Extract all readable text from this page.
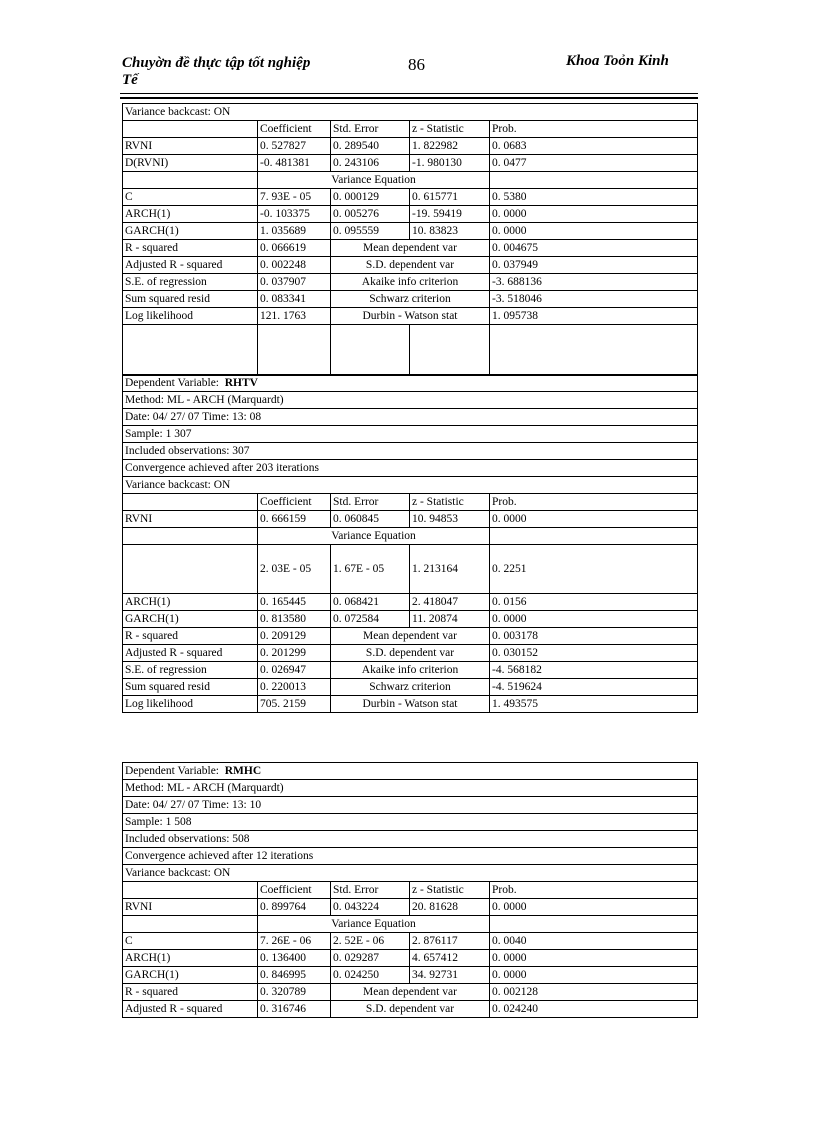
Chuyờn đề thực tập tốt nghiệp
Tế
86	Khoa Toỏn Kinh
Variance backcast: ON				
	Coefficient	Std. Error	z - Statistic	Prob.
RVNI	0. 527827	0. 289540	1. 822982	0. 0683
D(RVNI)	-0. 481381	0. 243106	-1. 980130	0. 0477
	Variance Equation			
C	7. 93E - 05	0. 000129	0. 615771	0. 5380
ARCH(1)	-0. 103375	0. 005276	-19. 59419	0. 0000
GARCH(1)	1. 035689	0. 095559	10. 83823	0. 0000
R - squared	0. 066619	Mean dependent var		0. 004675
Adjusted R - squared	0. 002248	S.D. dependent var		0. 037949
S.E. of regression	0. 037907	Akaike info criterion		-3. 688136
Sum squared resid	0. 083341	Schwarz criterion		-3. 518046
Log likelihood	121. 1763	Durbin - Watson stat		1. 095738

Dependent Variable: RHTV				
Method: ML - ARCH (Marquardt)				
Date: 04/ 27/ 07 Time: 13: 08				
Sample: 1 307				
Included observations: 307				
Convergence achieved after 203 iterations				
Variance backcast: ON				
	Coefficient	Std. Error	z - Statistic	Prob.
RVNI	0. 666159	0. 060845	10. 94853	0. 0000
	Variance Equation			
	2. 03E - 05	1. 67E - 05	1. 213164	0. 2251
ARCH(1)	0. 165445	0. 068421	2. 418047	0. 0156
GARCH(1)	0. 813580	0. 072584	11. 20874	0. 0000
R - squared	0. 209129	Mean dependent var		0. 003178
Adjusted R - squared	0. 201299	S.D. dependent var		0. 030152
S.E. of regression	0. 026947	Akaike info criterion		-4. 568182
Sum squared resid	0. 220013	Schwarz criterion		-4. 519624
Log likelihood	705. 2159	Durbin - Watson stat		1. 493575
Dependent Variable: RMHC				
Method: ML - ARCH (Marquardt)				
Date: 04/ 27/ 07 Time: 13: 10				
Sample: 1 508				
Included observations: 508				
Convergence achieved after 12 iterations				
Variance backcast: ON				
	Coefficient	Std. Error	z - Statistic	Prob.
RVNI	0. 899764	0. 043224	20. 81628	0. 0000
	Variance Equation			
C	7. 26E - 06	2. 52E - 06	2. 876117	0. 0040
ARCH(1)	0. 136400	0. 029287	4. 657412	0. 0000
GARCH(1)	0. 846995	0. 024250	34. 92731	0. 0000
R - squared	0. 320789	Mean dependent var		0. 002128
Adjusted R - squared	0. 316746	S.D. dependent var		0. 024240
